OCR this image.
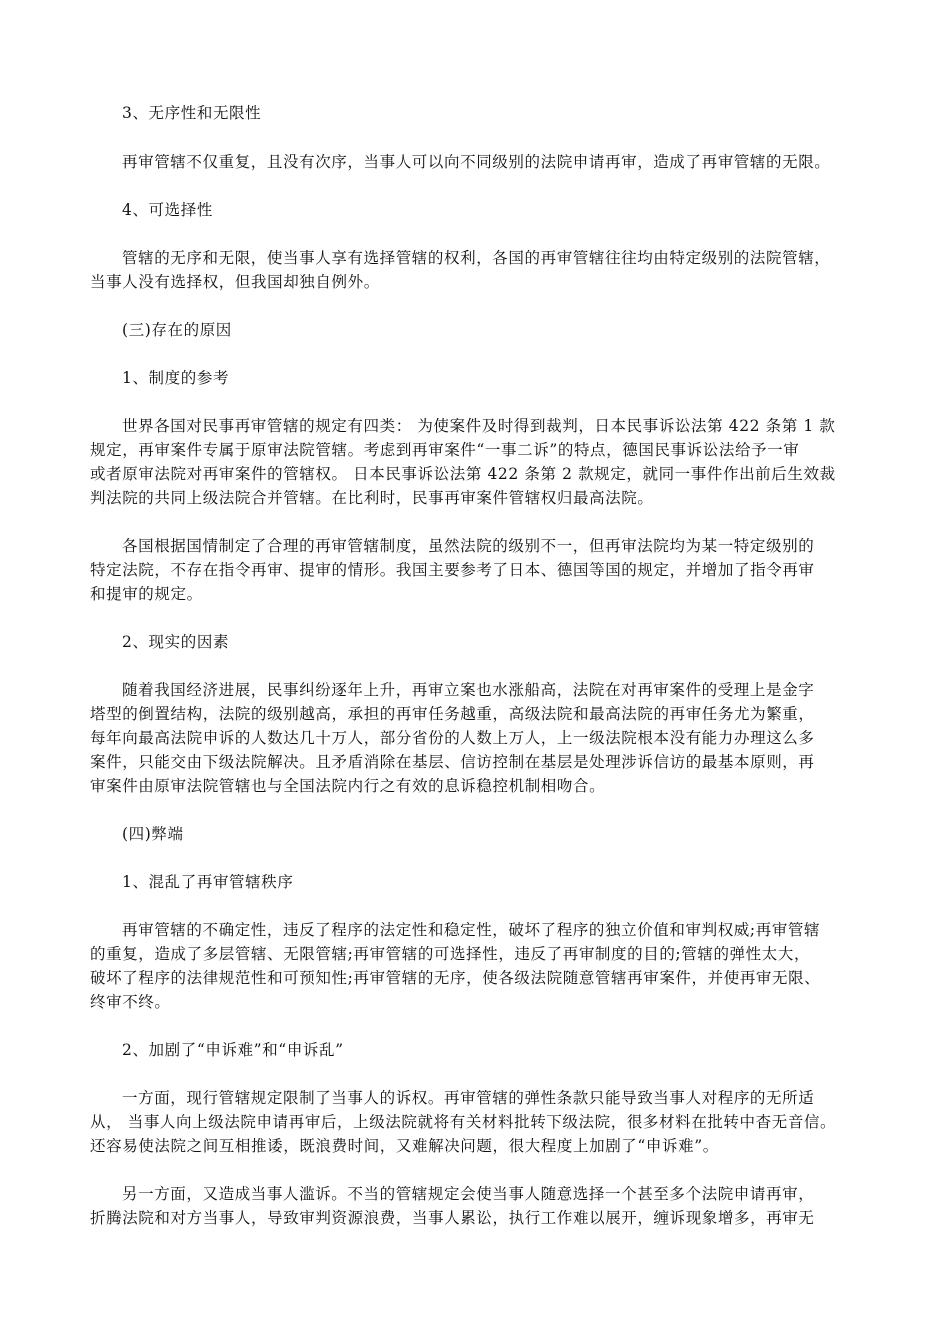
3、无序性和无限性
再审管辖不仅重复，且没有次序，当事人可以向不同级别的法院申请再审，造成了再审管辖的无限。
4、可选择性
管辖的无序和无限，使当事人享有选择管辖的权利，各国的再审管辖往往均由特定级别的法院管辖，
当事人没有选择权，但我国却独自例外。
(三)存在的原因
1、制度的参考
世界各国对民事再审管辖的规定有四类： 为使案件及时得到裁判，日本民事诉讼法第 422 条第 1 款
规定，再审案件专属于原审法院管辖。考虑到再审案件“一事二诉”的特点，德国民事诉讼法给予一审
或者原审法院对再审案件的管辖权。 日本民事诉讼法第 422 条第 2 款规定，就同一事件作出前后生效裁
判法院的共同上级法院合并管辖。在比利时，民事再审案件管辖权归最高法院。
各国根据国情制定了合理的再审管辖制度，虽然法院的级别不一，但再审法院均为某一特定级别的
特定法院，不存在指令再审、提审的情形。我国主要参考了日本、德国等国的规定，并增加了指令再审
和提审的规定。
2、现实的因素
随着我国经济进展，民事纠纷逐年上升，再审立案也水涨船高，法院在对再审案件的受理上是金字
塔型的倒置结构，法院的级别越高，承担的再审任务越重，高级法院和最高法院的再审任务尤为繁重，
每年向最高法院申诉的人数达几十万人，部分省份的人数上万人，上一级法院根本没有能力办理这么多
案件，只能交由下级法院解决。且矛盾消除在基层、信访控制在基层是处理涉诉信访的最基本原则，再
审案件由原审法院管辖也与全国法院内行之有效的息诉稳控机制相吻合。
(四)弊端
1、混乱了再审管辖秩序
再审管辖的不确定性，违反了程序的法定性和稳定性，破坏了程序的独立价值和审判权威;再审管辖
的重复，造成了多层管辖、无限管辖;再审管辖的可选择性，违反了再审制度的目的;管辖的弹性太大，
破坏了程序的法律规范性和可预知性;再审管辖的无序，使各级法院随意管辖再审案件，并使再审无限、
终审不终。
2、加剧了“申诉难”和“申诉乱”
一方面，现行管辖规定限制了当事人的诉权。再审管辖的弹性条款只能导致当事人对程序的无所适
从， 当事人向上级法院申请再审后，上级法院就将有关材料批转下级法院，很多材料在批转中杳无音信。
还容易使法院之间互相推诿，既浪费时间，又难解决问题，很大程度上加剧了“申诉难”。
另一方面，又造成当事人滥诉。不当的管辖规定会使当事人随意选择一个甚至多个法院申请再审，
折腾法院和对方当事人，导致审判资源浪费，当事人累讼，执行工作难以展开，缠诉现象增多，再审无
